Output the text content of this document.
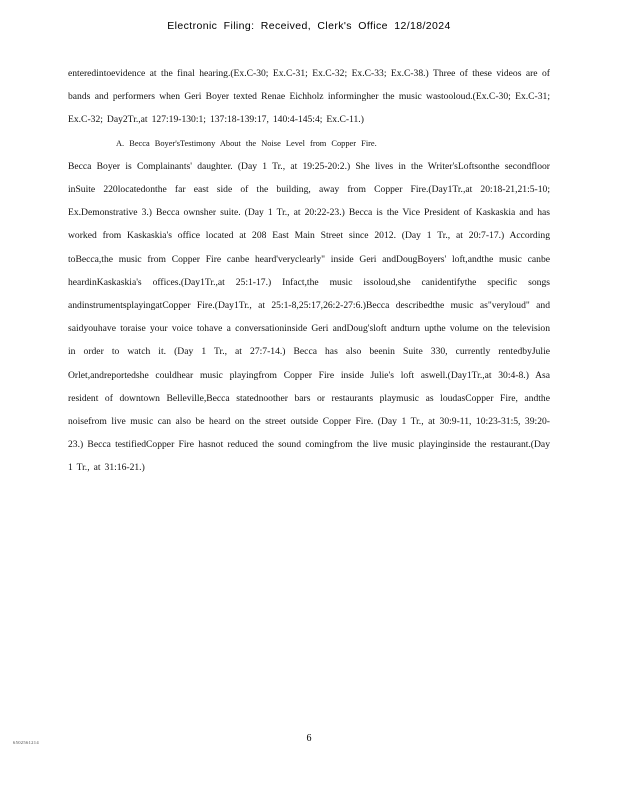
Electronic Filing: Received, Clerk's Office 12/18/2024

enteredintoevidence at the final hearing.(Ex.C-30; Ex.C-31; Ex.C-32; Ex.C-33; Ex.C-38.) Three of these videos are of bands and performers when Geri Boyer texted Renae Eichholz informingher the music wastooloud.(Ex.C-30; Ex.C-31; Ex.C-32; Day2Tr.,at 127:19-130:1; 137:18-139:17, 140:4-145:4; Ex.C-11.)

A. Becca Boyer'sTestimony About the Noise Level from Copper Fire.

Becca Boyer is Complainants' daughter. (Day 1 Tr., at 19:25-20:2.) She lives in the Writer'sLoftsonthe secondfloor inSuite 220locatedonthe far east side of the building, away from Copper Fire.(Day1Tr.,at 20:18-21,21:5-10; Ex.Demonstrative 3.) Becca ownsher suite. (Day 1 Tr., at 20:22-23.) Becca is the Vice President of Kaskaskia and has worked from Kaskaskia's office located at 208 East Main Street since 2012. (Day 1 Tr., at 20:7-17.) According toBecca,the music from Copper Fire canbe heard'veryclearly" inside Geri andDougBoyers' loft,andthe music canbe heardinKaskaskia's offices.(Day1Tr.,at 25:1-17.) Infact,the music issoloud,she canidentifythe specific songs andinstrumentsplayingatCopper Fire.(Day1Tr., at 25:1-8,25:17,26:2-27:6.)Becca describedthe music as"veryloud" and saidyouhave toraise your voice tohave a conversationinside Geri andDoug'sloft andturn upthe volume on the television in order to watch it. (Day 1 Tr., at 27:7-14.) Becca has also beenin Suite 330, currently rentedbyJulie Orlet,andreportedshe couldhear music playingfrom Copper Fire inside Julie's loft aswell.(Day1Tr.,at 30:4-8.) Asa resident of downtown Belleville,Becca statednoother bars or restaurants playmusic as loudasCopper Fire, andthe noisefrom live music can also be heard on the street outside Copper Fire. (Day 1 Tr., at 30:9-11, 10:23-31:5, 39:20-23.) Becca testifiedCopper Fire hasnot reduced the sound comingfrom the live music playinginside the restaurant.(Day 1 Tr., at 31:16-21.)

6
6502561214
